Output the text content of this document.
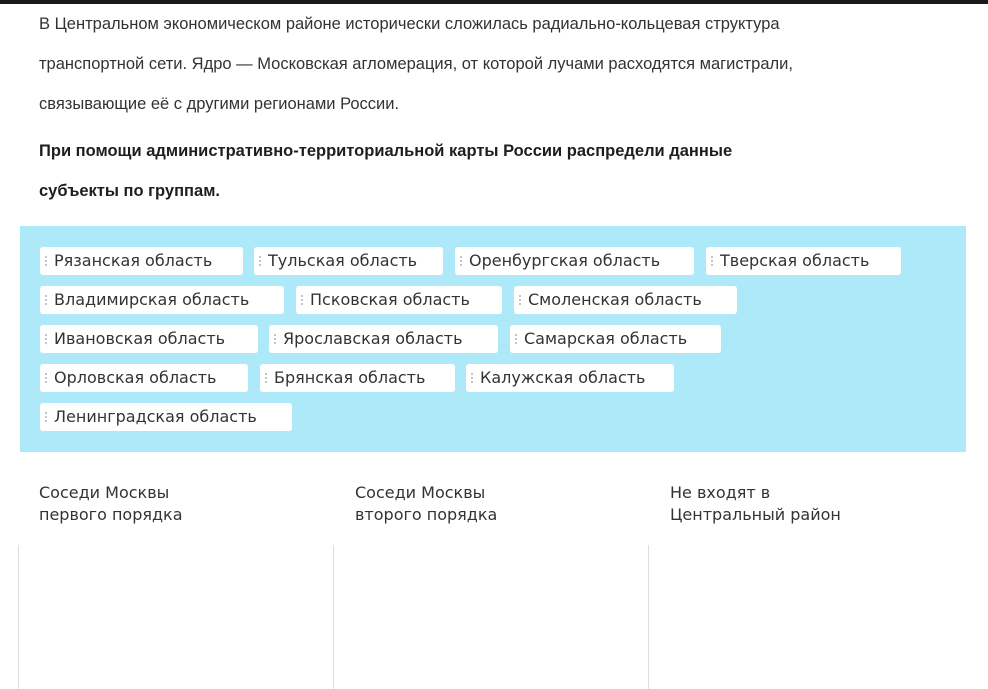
В Центральном экономическом районе исторически сложилась радиально-кольцевая структура
транспортной сети. Ядро — Московская агломерация, от которой лучами расходятся магистрали,
связывающие её с другими регионами России.
При помощи административно-территориальной карты России распредели данные
субъекты по группам.
Рязанская область	Тульская область	Оренбургская область	Тверская область
Владимирская область	Псковская область	Смоленская область
Ивановская область	Ярославская область	Самарская область
Орловская область	Брянская область	Калужская область
Ленинградская область
Соседи Москвы
первого порядка
Соседи Москвы
второго порядка
Не входят в
Центральный район
